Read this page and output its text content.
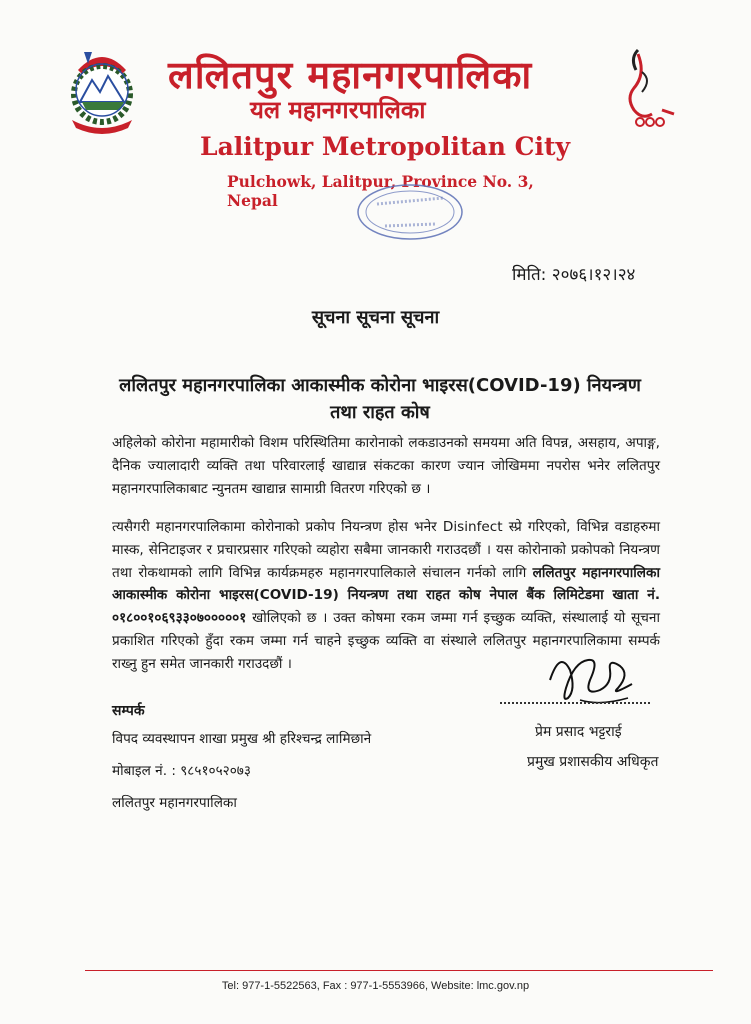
ललितपुर महानगरपालिका
यल महानगरपालिका
Lalitpur Metropolitan City
Pulchowk, Lalitpur, Province No. 3, Nepal
मिति: २०७६।१२।२४
सूचना सूचना सूचना
ललितपुर महानगरपालिका आकास्मीक कोरोना भाइरस(COVID-19) नियन्त्रण
तथा राहत कोष
अहिलेको कोरोना महामारीको विशम परिस्थितिमा कारोनाको लकडाउनको समयमा अति विपन्न, असहाय, अपाङ्ग, दैनिक ज्यालादारी व्यक्ति तथा परिवारलाई खाद्यान्न संकटका कारण ज्यान जोखिममा नपरोस भनेर ललितपुर महानगरपालिकाबाट न्युनतम खाद्यान्न सामाग्री वितरण गरिएको छ ।
त्यसैगरी महानगरपालिकामा कोरोनाको प्रकोप नियन्त्रण होस भनेर Disinfect स्प्रे गरिएको, विभिन्न वडाहरुमा मास्क, सेनिटाइजर र प्रचारप्रसार गरिएको व्यहोरा सबैमा जानकारी गराउदछौं । यस कोरोनाको प्रकोपको नियन्त्रण तथा रोकथामको लागि विभिन्न कार्यक्रमहरु महानगरपालिकाले संचालन गर्नको लागि ललितपुर महानगरपालिका आकास्मीक कोरोना भाइरस(COVID-19) नियन्त्रण तथा राहत कोष नेपाल बैंक लिमिटेडमा खाता नं. ०१८००१०६९३३०७०००००१ खोलिएको छ । उक्त कोषमा रकम जम्मा गर्न इच्छुक व्यक्ति, संस्थालाई यो सूचना प्रकाशित गरिएको हुँदा रकम जम्मा गर्न चाहने इच्छुक व्यक्ति वा संस्थाले ललितपुर महानगरपालिकामा सम्पर्क राख्नु हुन समेत जानकारी गराउदछौं ।
प्रेम प्रसाद भट्टराई
प्रमुख प्रशासकीय अधिकृत
सम्पर्क
विपद व्यवस्थापन शाखा प्रमुख श्री हरिश्चन्द्र लामिछाने
मोबाइल नं. : ९८५१०५२०७३
ललितपुर महानगरपालिका
Tel: 977-1-5522563, Fax : 977-1-5553966, Website: lmc.gov.np
